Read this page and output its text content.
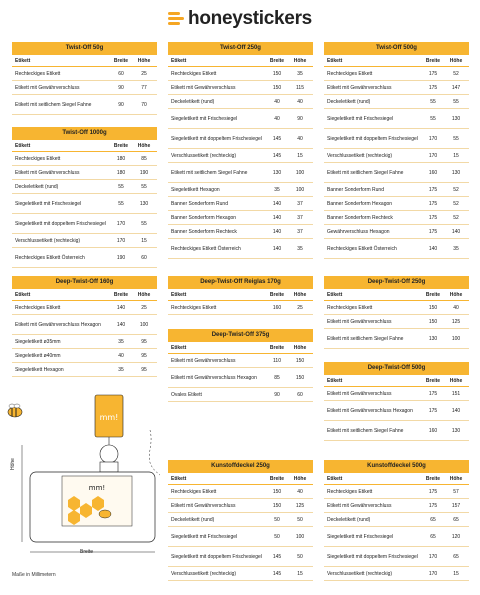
honeystickers
Twist-Off 50g
Etikett	Breite	Höhe
Rechteckiges Etikett	60	25
Etikett mit Gewährverschluss	90	77
Etikett mit seitlichem Siegel Fahne	90	70
Twist-Off 1000g
Etikett	Breite	Höhe
Rechteckiges Etikett	180	85
Etikett mit Gewährverschluss	180	190
Deckeletikett (rund)	55	55
Siegeletikett mit Frischesiegel	55	130
Siegeletikett mit doppeltem Frischesiegel	170	55
Verschlussetikett (rechteckig)	170	15
Rechteckiges Etikett Österreich	190	60
Twist-Off 250g
Etikett	Breite	Höhe
Rechteckiges Etikett	150	35
Etikett mit Gewährverschluss	150	115
Deckeletikett (rund)	40	40
Siegeletikett mit Frischesiegel	40	90
Siegeletikett mit doppeltem Frischesiegel	145	40
Verschlussetikett (rechteckig)	145	15
Etikett mit seitlichem Siegel Fahne	130	100
Siegeletikett Hexagon	35	100
Banner Sonderform Rund	140	37
Banner Sonderform Hexagon	140	37
Banner Sonderform Rechteck	140	37
Rechteckiges Etikett Österreich	140	35
Twist-Off 500g
Etikett	Breite	Höhe
Rechteckiges Etikett	175	52
Etikett mit Gewährverschluss	175	147
Deckeletikett (rund)	55	55
Siegeletikett mit Frischesiegel	55	130
Siegeletikett mit doppeltem Frischesiegel	170	55
Verschlussetikett (rechteckig)	170	15
Etikett mit seitlichem Siegel Fahne	160	130
Banner Sonderform Rund	175	52
Banner Sonderform Hexagon	175	52
Banner Sonderform Rechteck	175	52
Gewährverschluss Hexagon	175	140
Rechteckiges Etikett Österreich	140	35
Deep-Twist-Off 160g
Etikett	Breite	Höhe
Rechteckiges Etikett	140	25
Etikett mit Gewährverschluss Hexagon	140	100
Siegeletikett ø35mm	35	95
Siegeletikett ø40mm	40	95
Siegeletikett Hexagon	35	95
Deep-Twist-Off Reiglas 170g
Etikett	Breite	Höhe
Rechteckiges Etikett	160	25
Deep-Twist-Off 375g
Etikett	Breite	Höhe
Etikett mit Gewährverschluss	110	150
Etikett mit Gewährverschluss Hexagon	85	150
Ovales Etikett	90	60
Deep-Twist-Off 250g
Etikett	Breite	Höhe
Rechteckiges Etikett	150	40
Etikett mit Gewährverschluss	150	125
Etikett mit seitlichem Siegel Fahne	130	100
Deep-Twist-Off 500g
Etikett	Breite	Höhe
Etikett mit Gewährverschluss	175	151
Etikett mit Gewährverschluss Hexagon	175	140
Etikett mit seitlichem Siegel Fahne	160	130
Kunstoffdeckel 250g
Etikett	Breite	Höhe
Rechteckiges Etikett	150	40
Etikett mit Gewährverschluss	150	125
Deckeletikett (rund)	50	50
Siegeletikett mit Frischesiegel	50	100
Siegeletikett mit doppeltem Frischesiegel	145	50
Verschlussetikett (rechteckig)	145	15
Kunstoffdeckel 500g
Etikett	Breite	Höhe
Rechteckiges Etikett	175	57
Etikett mit Gewährverschluss	175	157
Deckeletikett (rund)	65	65
Siegeletikett mit Frischesiegel	65	120
Siegeletikett mit doppeltem Frischesiegel	170	65
Verschlussetikett (rechteckig)	170	15
mm!
mm!
Höhe
Breite
Maße in Millimetern
